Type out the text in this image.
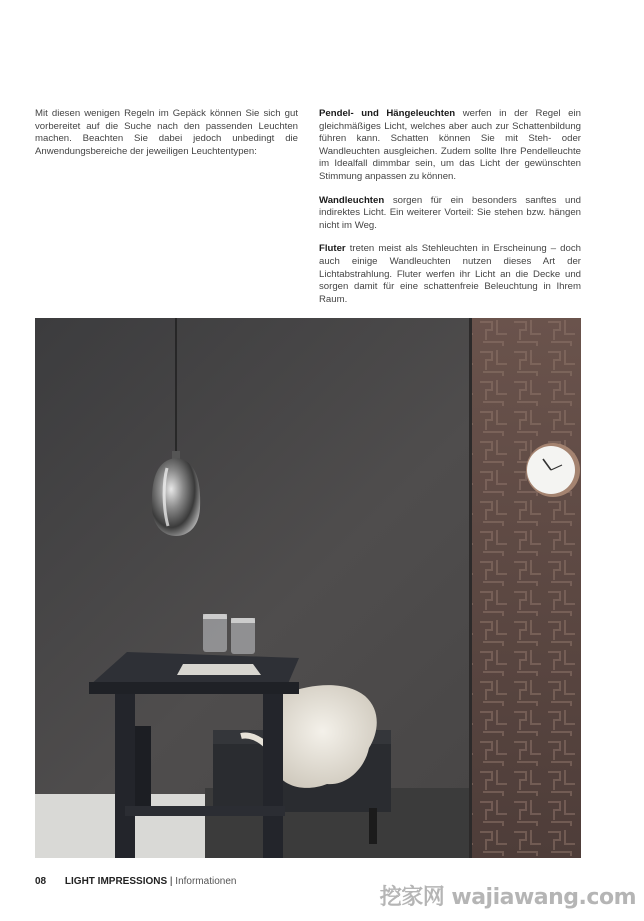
Mit diesen wenigen Regeln im Gepäck können Sie sich gut vorbereitet auf die Suche nach den passenden Leuchten machen. Beachten Sie dabei jedoch unbedingt die Anwendungsbereiche der jeweiligen Leuchtentypen:

Pendel- und Hängeleuchten werfen in der Regel ein gleichmäßiges Licht, welches aber auch zur Schattenbildung führen kann. Schatten können Sie mit Steh- oder Wandleuchten ausgleichen. Zudem sollte Ihre Pendelleuchte im Idealfall dimmbar sein, um das Licht der gewünschten Stimmung anpassen zu können.

Wandleuchten sorgen für ein besonders sanftes und indirektes Licht. Ein weiterer Vorteil: Sie stehen bzw. hängen nicht im Weg.

Fluter treten meist als Stehleuchten in Erscheinung – doch auch einige Wandleuchten nutzen dieses Art der Lichtabstrahlung. Fluter werfen ihr Licht an die Decke und sorgen damit für eine schattenfreie Beleuchtung in Ihrem Raum.

08 LIGHT IMPRESSIONS | Informationen
挖家网 wajiawang.com
